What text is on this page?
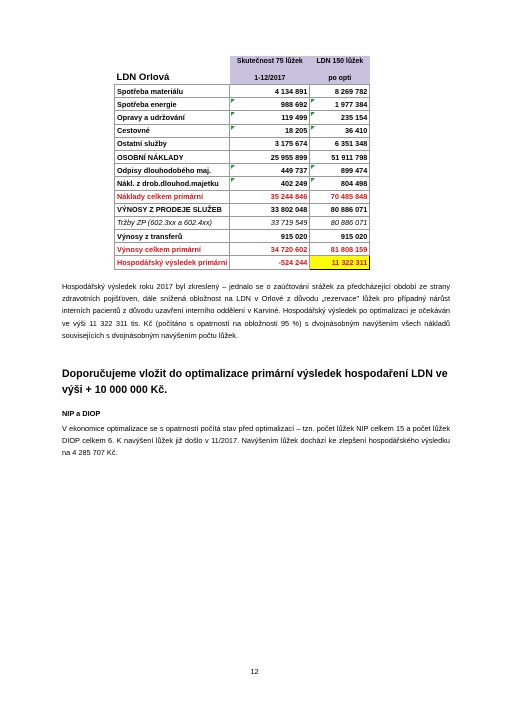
	Skutečnost 75 lůžek	LDN 150 lůžek
LDN Orlová	1-12/2017	po opti
Spotřeba materiálu	4 134 891	8 269 782
Spotřeba energie	988 692	1 977 384
Opravy a udržování	119 499	235 154
Cestovné	18 205	36 410
Ostatní služby	3 175 674	6 351 348
OSOBNÍ NÁKLADY	25 955 899	51 911 798
Odpisy dlouhodobého maj.	449 737	899 474
Nákl. z drob.dlouhod.majetku	402 249	804 498
Náklady celkem primární	35 244 846	70 485 848
VÝNOSY Z PRODEJE SLUŽEB	33 802 048	80 886 071
Tržby ZP (602.3xx a 602.4xx)	33 719 549	80 886 071
Výnosy z transferů	915 020	915 020
Výnosy celkem primární	34 720 602	81 808 159
Hospodářský výsledek primární	-524 244	11 322 311

Hospodářský výsledek roku 2017 byl zkreslený – jednalo se o zaúčtování srážek za předcházející období ze strany zdravotních pojišťoven, dále snížená obložnost na LDN v Orlové z důvodu „rezervace" lůžek pro případný nárůst interních pacientů z důvodu uzavření interního oddělení v Karviné. Hospodářský výsledek po optimalizaci je očekáván ve výši 11 322 311 tis. Kč (počítáno s opatrností na obložnosti 95 %) s dvojnásobným navýšením všech nákladů souvisejících s dvojnásobným navýšením počtu lůžek.

Doporučujeme vložit do optimalizace primární výsledek hospodaření LDN ve výši + 10 000 000 Kč.

NIP a DIOP

V ekonomice optimalizace se s opatrností počítá stav před optimalizací – tzn. počet lůžek NIP celkem 15 a počet lůžek DIOP celkem 6. K navýšení lůžek již došlo v 11/2017. Navýšením lůžek dochází ke zlepšení hospodářského výsledku na 4 285 707 Kč.

12
